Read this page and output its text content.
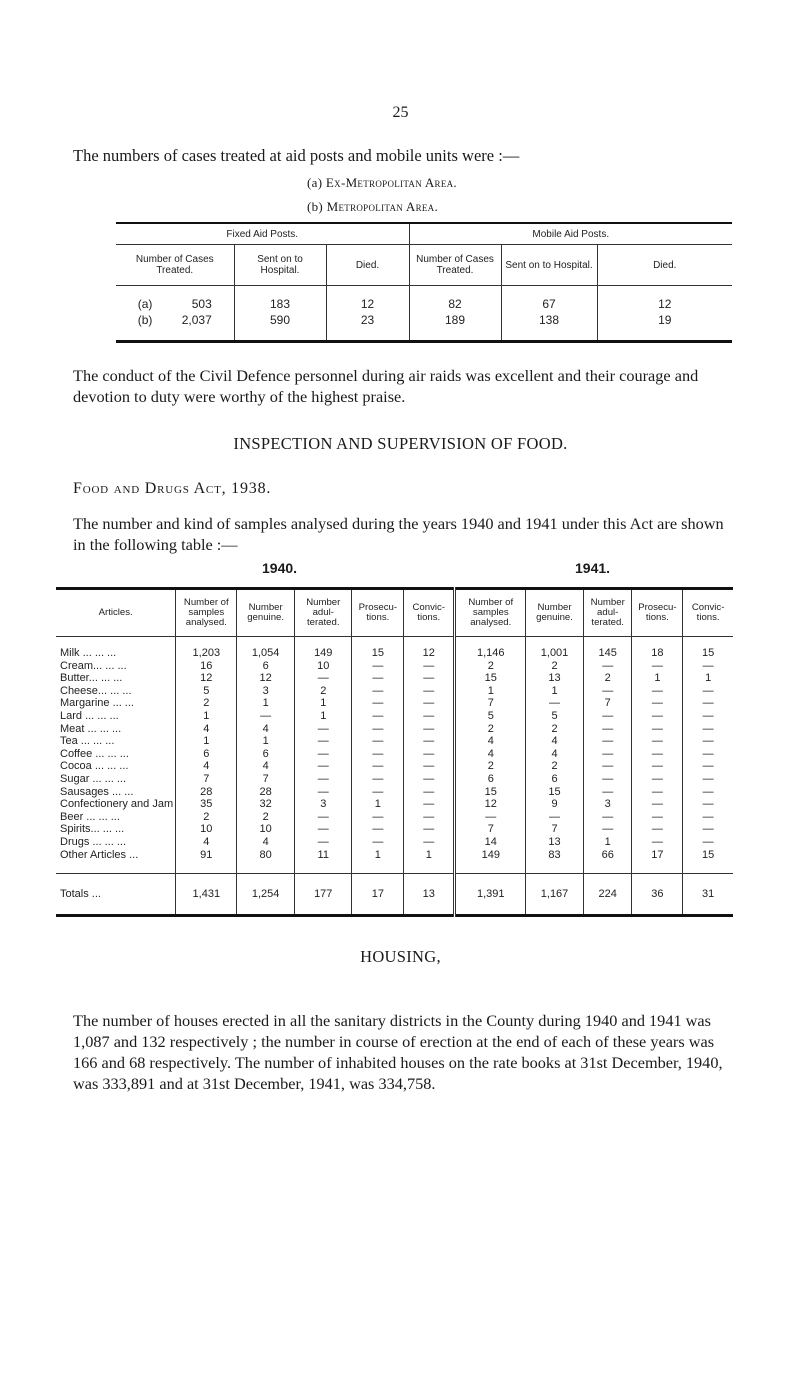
25
The numbers of cases treated at aid posts and mobile units were :—
(a) Ex-Metropolitan Area.
(b) Metropolitan Area.
Fixed Aid Posts.			Mobile Aid Posts.		
Number of Cases Treated.	Sent on to Hospital.	Died.	Number of Cases Treated.	Sent on to Hospital.	Died.
(a) 503	183	12	82	67	12
(b) 2,037	590	23	189	138	19
The conduct of the Civil Defence personnel during air raids was excellent and their courage and devotion to duty were worthy of the highest praise.
INSPECTION AND SUPERVISION OF FOOD.
Food and Drugs Act, 1938.
The number and kind of samples analysed during the years 1940 and 1941 under this Act are shown in the following table :—
1940.	1941.
Articles.	Number of samples analysed.	Number genuine.	Number adul- terated.	Prosecu- tions.	Convic- tions.	Number of samples analysed.	Number genuine.	Number adul- terated.	Prosecu- tions.	Convic- tions.
Milk ... ... ...	1,203	1,054	149	15	12	1,146	1,001	145	18	15
Cream... ... ...	16	6	10	—	—	2	2	—	—	—
Butter... ... ...	12	12	—	—	—	15	13	2	1	1
Cheese... ... ...	5	3	2	—	—	1	1	—	—	—
Margarine ... ...	2	1	1	—	—	7	—	7	—	—
Lard ... ... ...	1	—	1	—	—	5	5	—	—	—
Meat ... ... ...	4	4	—	—	—	2	2	—	—	—
Tea ... ... ...	1	1	—	—	—	4	4	—	—	—
Coffee ... ... ...	6	6	—	—	—	4	4	—	—	—
Cocoa ... ... ...	4	4	—	—	—	2	2	—	—	—
Sugar ... ... ...	7	7	—	—	—	6	6	—	—	—
Sausages ... ...	28	28	—	—	—	15	15	—	—	—
Confectionery and Jam	35	32	3	1	—	12	9	3	—	—
Beer ... ... ...	2	2	—	—	—	—	—	—	—	—
Spirits... ... ...	10	10	—	—	—	7	7	—	—	—
Drugs ... ... ...	4	4	—	—	—	14	13	1	—	—
Other Articles ...	91	80	11	1	1	149	83	66	17	15
Totals ...	1,431	1,254	177	17	13	1,391	1,167	224	36	31
HOUSING,
The number of houses erected in all the sanitary districts in the County during 1940 and 1941 was 1,087 and 132 respectively ; the number in course of erection at the end of each of these years was 166 and 68 respectively. The number of inhabited houses on the rate books at 31st December, 1940, was 333,891 and at 31st December, 1941, was 334,758.
